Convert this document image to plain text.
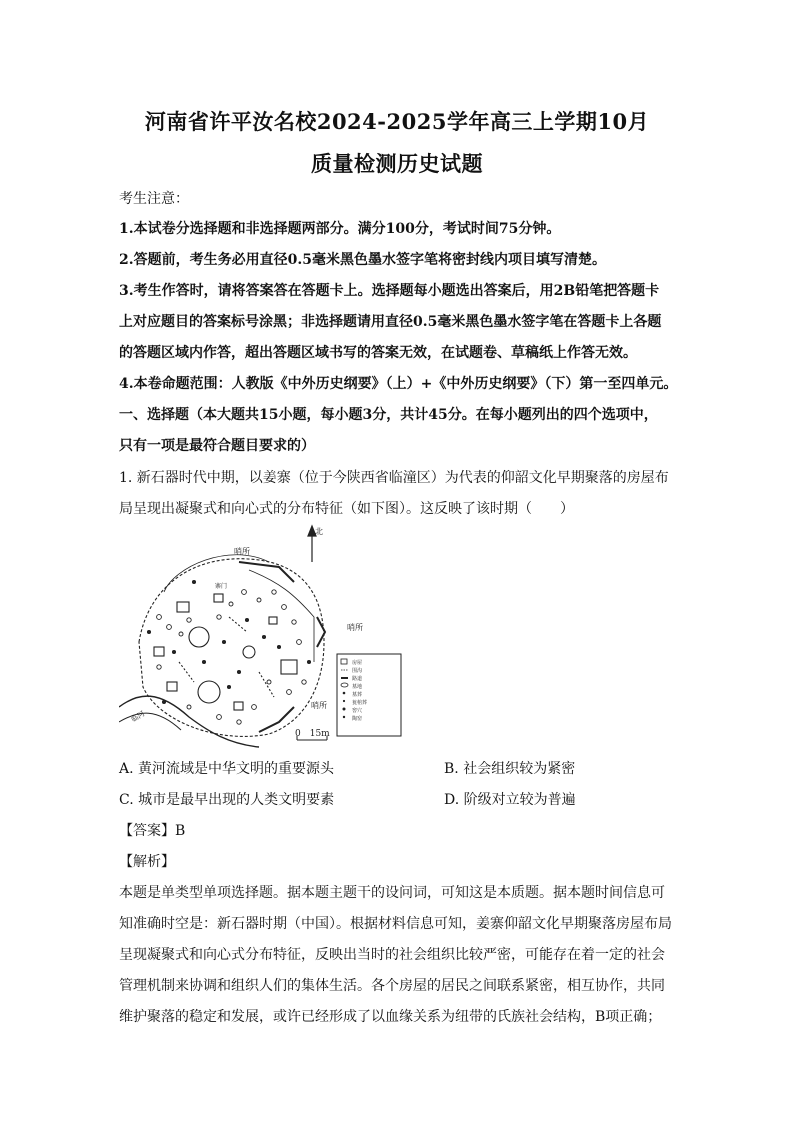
河南省许平汝名校2024-2025学年高三上学期10月
质量检测历史试题
考生注意：
1.本试卷分选择题和非选择题两部分。满分100分，考试时间75分钟。
2.答题前，考生务必用直径0.5毫米黑色墨水签字笔将密封线内项目填写清楚。
3.考生作答时，请将答案答在答题卡上。选择题每小题选出答案后，用2B铅笔把答题卡
上对应题目的答案标号涂黑；非选择题请用直径0.5毫米黑色墨水签字笔在答题卡上各题
的答题区域内作答，超出答题区域书写的答案无效，在试题卷、草稿纸上作答无效。
4.本卷命题范围：人教版《中外历史纲要》（上）+《中外历史纲要》（下）第一至四单元。
一、选择题（本大题共15小题，每小题3分，共计45分。在每小题列出的四个选项中，
只有一项是最符合题目要求的）
1. 新石器时代中期，以姜寨（位于今陕西省临潼区）为代表的仰韶文化早期聚落的房屋布
局呈现出凝聚式和向心式的分布特征（如下图）。这反映了该时期（　　）
北
哨所
哨所
哨所
寨门
临河
0　15m
房屋
围沟
路道
墓地
墓葬
瓮棺葬
窖穴
陶窑
A. 黄河流域是中华文明的重要源头	B. 社会组织较为紧密
C. 城市是最早出现的人类文明要素	D. 阶级对立较为普遍
【答案】B
【解析】
本题是单类型单项选择题。据本题主题干的设问词，可知这是本质题。据本题时间信息可
知准确时空是：新石器时期（中国）。根据材料信息可知，姜寨仰韶文化早期聚落房屋布局
呈现凝聚式和向心式分布特征，反映出当时的社会组织比较严密，可能存在着一定的社会
管理机制来协调和组织人们的集体生活。各个房屋的居民之间联系紧密，相互协作，共同
维护聚落的稳定和发展，或许已经形成了以血缘关系为纽带的氏族社会结构，B项正确；
